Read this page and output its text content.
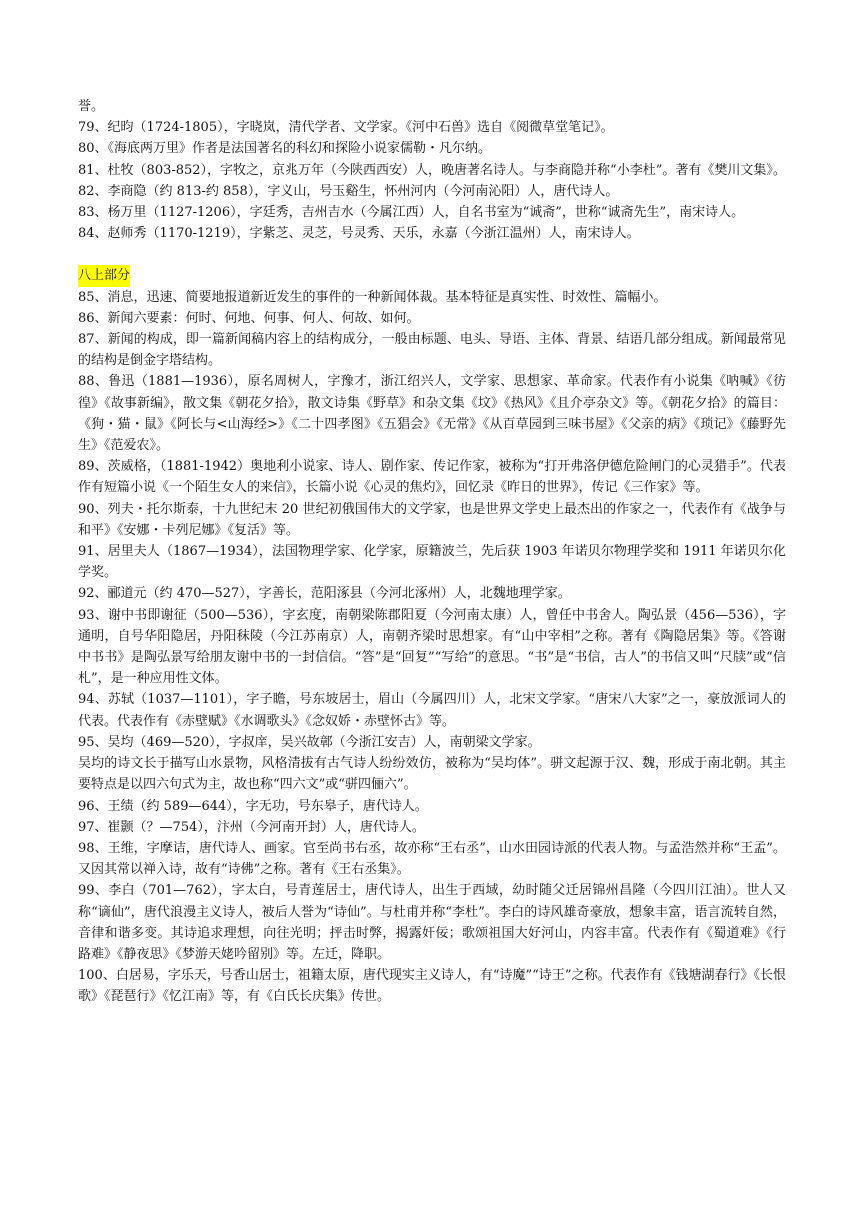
誉。

79、纪昀（1724-1805），字晓岚，清代学者、文学家。《河中石兽》选自《阅微草堂笔记》。

80、《海底两万里》作者是法国著名的科幻和探险小说家儒勒・凡尔纳。

81、杜牧（803-852），字牧之，京兆万年（今陕西西安）人，晚唐著名诗人。与李商隐并称“小李杜”。著有《樊川文集》。

82、李商隐（约 813-约 858），字义山，号玉谿生，怀州河内（今河南沁阳）人，唐代诗人。

83、杨万里（1127-1206），字廷秀，吉州吉水（今属江西）人，自名书室为“诚斋”，世称“诚斋先生”，南宋诗人。

84、赵师秀（1170-1219），字紫芝、灵芝，号灵秀、天乐，永嘉（今浙江温州）人，南宋诗人。

八上部分

85、消息，迅速、简要地报道新近发生的事件的一种新闻体裁。基本特征是真实性、时效性、篇幅小。

86、新闻六要素：何时、何地、何事、何人、何故、如何。

87、新闻的构成，即一篇新闻稿内容上的结构成分，一般由标题、电头、导语、主体、背景、结语几部分组成。新闻最常见的结构是倒金字塔结构。

88、鲁迅（1881—1936），原名周树人，字豫才，浙江绍兴人，文学家、思想家、革命家。代表作有小说集《呐喊》《彷徨》《故事新编》，散文集《朝花夕拾》，散文诗集《野草》和杂文集《坟》《热风》《且介亭杂文》等。《朝花夕拾》的篇目：《狗・猫・鼠》《阿长与<山海经>》《二十四孝图》《五猖会》《无常》《从百草园到三味书屋》《父亲的病》《琐记》《藤野先生》《范爱农》。

89、茨威格，（1881-1942）奥地利小说家、诗人、剧作家、传记作家，被称为“打开弗洛伊德危险闸门的心灵猎手”。代表作有短篇小说《一个陌生女人的来信》，长篇小说《心灵的焦灼》，回忆录《昨日的世界》，传记《三作家》等。

90、列夫・托尔斯泰，十九世纪末 20 世纪初俄国伟大的文学家，也是世界文学史上最杰出的作家之一，代表作有《战争与和平》《安娜・卡列尼娜》《复活》等。

91、居里夫人（1867—1934），法国物理学家、化学家，原籍波兰，先后获 1903 年诺贝尔物理学奖和 1911 年诺贝尔化学奖。

92、郦道元（约 470—527），字善长，范阳涿县（今河北涿州）人，北魏地理学家。

93、谢中书即谢征（500—536），字玄度，南朝梁陈郡阳夏（今河南太康）人，曾任中书舍人。陶弘景（456—536），字通明，自号华阳隐居，丹阳秣陵（今江苏南京）人，南朝齐梁时思想家。有“山中宰相”之称。著有《陶隐居集》等。《答谢中书书》是陶弘景写给朋友谢中书的一封信信。“答”是“回复”“写给”的意思。“书”是“书信，古人”的书信又叫“尺牍”或“信札”，是一种应用性文体。

94、苏轼（1037—1101），字子瞻，号东坡居士，眉山（今属四川）人，北宋文学家。“唐宋八大家”之一，豪放派词人的代表。代表作有《赤壁赋》《水调歌头》《念奴娇・赤壁怀古》等。

95、吴均（469—520），字叔庠，吴兴故鄣（今浙江安吉）人，南朝梁文学家。

吴均的诗文长于描写山水景物，风格清拔有古气诗人纷纷效仿，被称为“吴均体”。骈文起源于汉、魏，形成于南北朝。其主要特点是以四六句式为主，故也称“四六文”或“骈四俪六”。

96、王绩（约 589—644），字无功，号东皋子，唐代诗人。

97、崔颢（？—754），汴州（今河南开封）人，唐代诗人。

98、王维，字摩诘，唐代诗人、画家。官至尚书右丞，故亦称“王右丞”，山水田园诗派的代表人物。与孟浩然并称“王孟”。又因其常以禅入诗，故有“诗佛”之称。著有《王右丞集》。

99、李白（701—762），字太白，号青莲居士，唐代诗人，出生于西域，幼时随父迁居锦州昌隆（今四川江油）。世人又称“谪仙”，唐代浪漫主义诗人，被后人誉为“诗仙”。与杜甫并称“李杜”。李白的诗风雄奇豪放，想象丰富，语言流转自然，音律和谐多变。其诗追求理想，向往光明；抨击时弊，揭露奸佞；歌颂祖国大好河山，内容丰富。代表作有《蜀道难》《行路难》《静夜思》《梦游天姥吟留别》等。左迁，降职。

100、白居易，字乐天，号香山居士，祖籍太原，唐代现实主义诗人，有“诗魔”“诗王”之称。代表作有《钱塘湖春行》《长恨歌》《琵琶行》《忆江南》等，有《白氏长庆集》传世。
